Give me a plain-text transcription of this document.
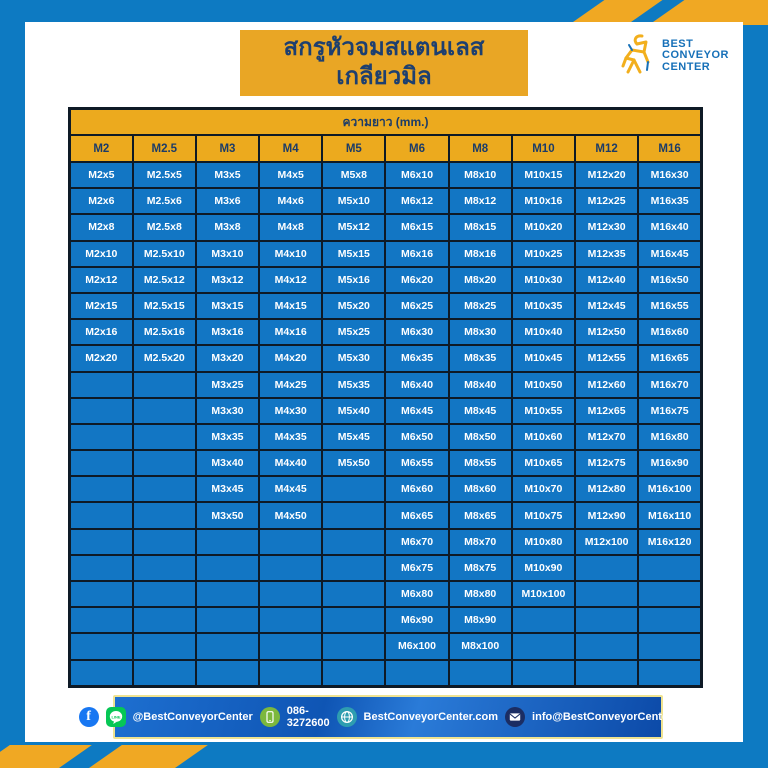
สกรูหัวจมสแตนเลส
เกลียวมิล
BEST
CONVEYOR
CENTER
ความยาว (mm.)									
M2	M2.5	M3	M4	M5	M6	M8	M10	M12	M16
M2x5	M2.5x5	M3x5	M4x5	M5x8	M6x10	M8x10	M10x15	M12x20	M16x30
M2x6	M2.5x6	M3x6	M4x6	M5x10	M6x12	M8x12	M10x16	M12x25	M16x35
M2x8	M2.5x8	M3x8	M4x8	M5x12	M6x15	M8x15	M10x20	M12x30	M16x40
M2x10	M2.5x10	M3x10	M4x10	M5x15	M6x16	M8x16	M10x25	M12x35	M16x45
M2x12	M2.5x12	M3x12	M4x12	M5x16	M6x20	M8x20	M10x30	M12x40	M16x50
M2x15	M2.5x15	M3x15	M4x15	M5x20	M6x25	M8x25	M10x35	M12x45	M16x55
M2x16	M2.5x16	M3x16	M4x16	M5x25	M6x30	M8x30	M10x40	M12x50	M16x60
M2x20	M2.5x20	M3x20	M4x20	M5x30	M6x35	M8x35	M10x45	M12x55	M16x65
		M3x25	M4x25	M5x35	M6x40	M8x40	M10x50	M12x60	M16x70
		M3x30	M4x30	M5x40	M6x45	M8x45	M10x55	M12x65	M16x75
		M3x35	M4x35	M5x45	M6x50	M8x50	M10x60	M12x70	M16x80
		M3x40	M4x40	M5x50	M6x55	M8x55	M10x65	M12x75	M16x90
		M3x45	M4x45		M6x60	M8x60	M10x70	M12x80	M16x100
		M3x50	M4x50		M6x65	M8x65	M10x75	M12x90	M16x110
					M6x70	M8x70	M10x80	M12x100	M16x120
					M6x75	M8x75	M10x90		
					M6x80	M8x80	M10x100		
					M6x90	M8x90			
					M6x100	M8x100			

f	LINE @BestConveyorCenter	086-3272600	BestConveyorCenter.com	info@BestConveyorCenter.com
